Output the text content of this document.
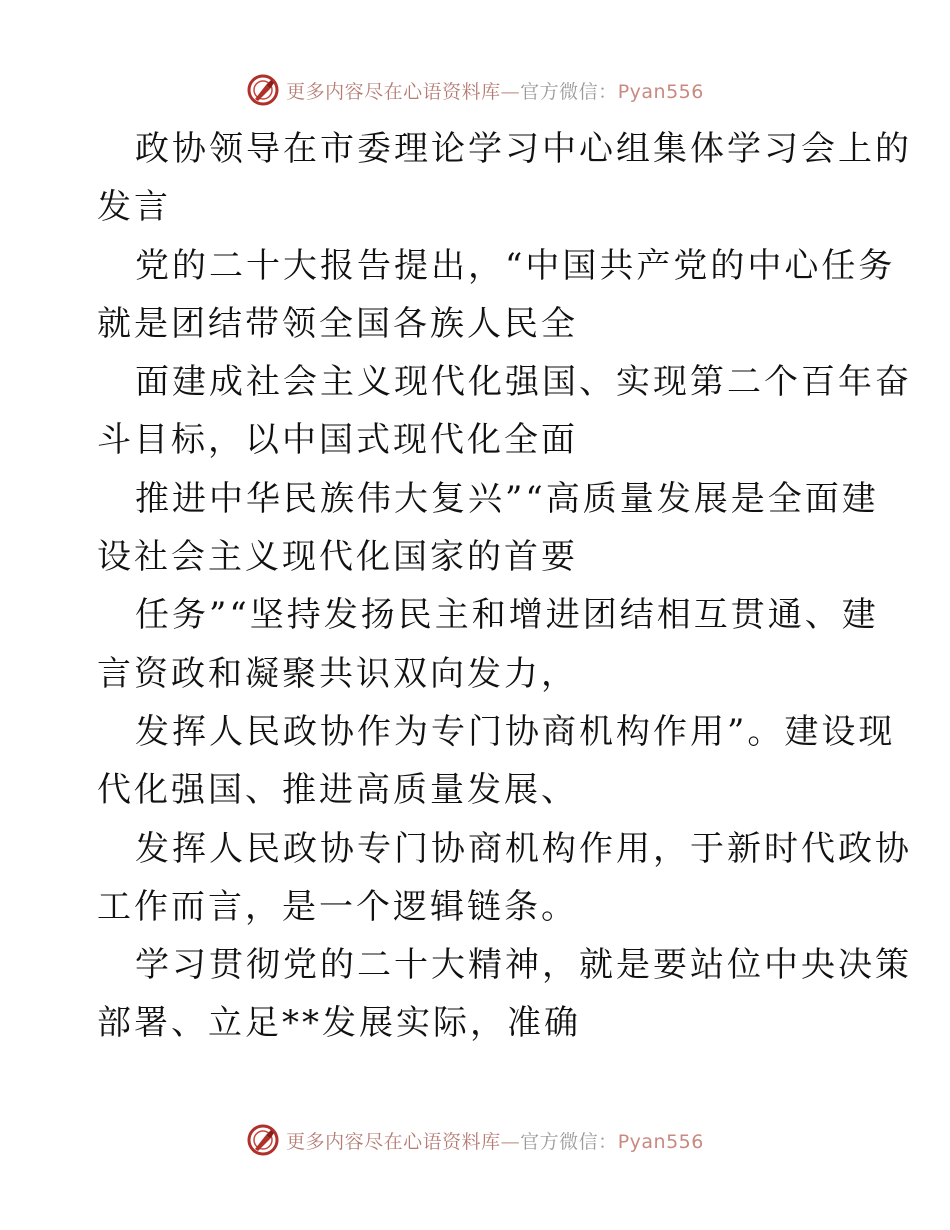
更多内容尽在心语资料库—官方微信：Pyan556
政协领导在市委理论学习中心组集体学习会上的
发言
党的二十大报告提出，“中国共产党的中心任务
就是团结带领全国各族人民全
面建成社会主义现代化强国、实现第二个百年奋
斗目标，以中国式现代化全面
推进中华民族伟大复兴”“高质量发展是全面建
设社会主义现代化国家的首要
任务”“坚持发扬民主和增进团结相互贯通、建
言资政和凝聚共识双向发力，
发挥人民政协作为专门协商机构作用”。建设现
代化强国、推进高质量发展、
发挥人民政协专门协商机构作用，于新时代政协
工作而言，是一个逻辑链条。
学习贯彻党的二十大精神，就是要站位中央决策
部署、立足**发展实际，准确
更多内容尽在心语资料库—官方微信：Pyan556
